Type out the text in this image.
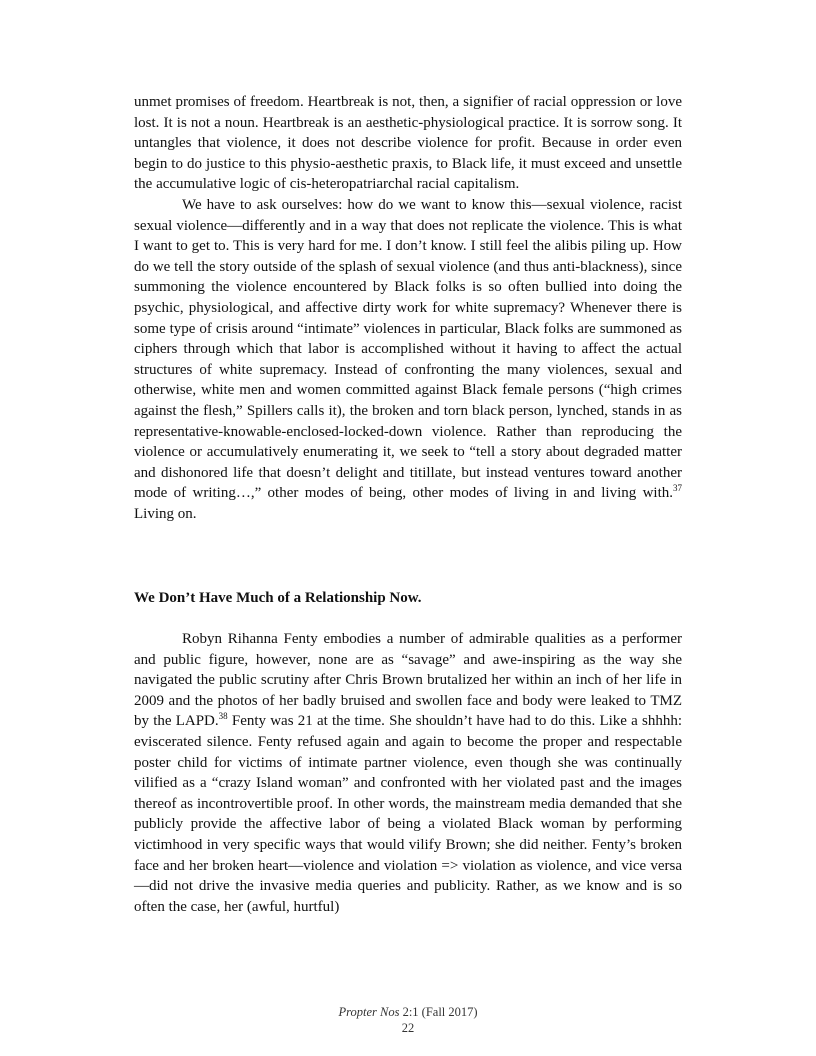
unmet promises of freedom. Heartbreak is not, then, a signifier of racial oppression or love lost. It is not a noun. Heartbreak is an aesthetic-physiological practice. It is sorrow song. It untangles that violence, it does not describe violence for profit. Because in order even begin to do justice to this physio-aesthetic praxis, to Black life, it must exceed and unsettle the accumulative logic of cis-heteropatriarchal racial capitalism.

We have to ask ourselves: how do we want to know this—sexual violence, racist sexual violence—differently and in a way that does not replicate the violence. This is what I want to get to. This is very hard for me. I don’t know. I still feel the alibis piling up. How do we tell the story outside of the splash of sexual violence (and thus anti-blackness), since summoning the violence encountered by Black folks is so often bullied into doing the psychic, physiological, and affective dirty work for white supremacy? Whenever there is some type of crisis around “intimate” violences in particular, Black folks are summoned as ciphers through which that labor is accomplished without it having to affect the actual structures of white supremacy. Instead of confronting the many violences, sexual and otherwise, white men and women committed against Black female persons (“high crimes against the flesh,” Spillers calls it), the broken and torn black person, lynched, stands in as representative-knowable-enclosed-locked-down violence. Rather than reproducing the violence or accumulatively enumerating it, we seek to “tell a story about degraded matter and dishonored life that doesn’t delight and titillate, but instead ventures toward another mode of writing…,” other modes of being, other modes of living in and living with.$^{37}$ Living on.

We Don’t Have Much of a Relationship Now.

Robyn Rihanna Fenty embodies a number of admirable qualities as a performer and public figure, however, none are as “savage” and awe-inspiring as the way she navigated the public scrutiny after Chris Brown brutalized her within an inch of her life in 2009 and the photos of her badly bruised and swollen face and body were leaked to TMZ by the LAPD.$^{38}$ Fenty was 21 at the time. She shouldn’t have had to do this. Like a shhhh: eviscerated silence. Fenty refused again and again to become the proper and respectable poster child for victims of intimate partner violence, even though she was continually vilified as a “crazy Island woman” and confronted with her violated past and the images thereof as incontrovertible proof. In other words, the mainstream media demanded that she publicly provide the affective labor of being a violated Black woman by performing victimhood in very specific ways that would vilify Brown; she did neither. Fenty’s broken face and her broken heart—violence and violation => violation as violence, and vice versa—did not drive the invasive media queries and publicity. Rather, as we know and is so often the case, her (awful, hurtful)

Propter Nos 2:1 (Fall 2017)
22
